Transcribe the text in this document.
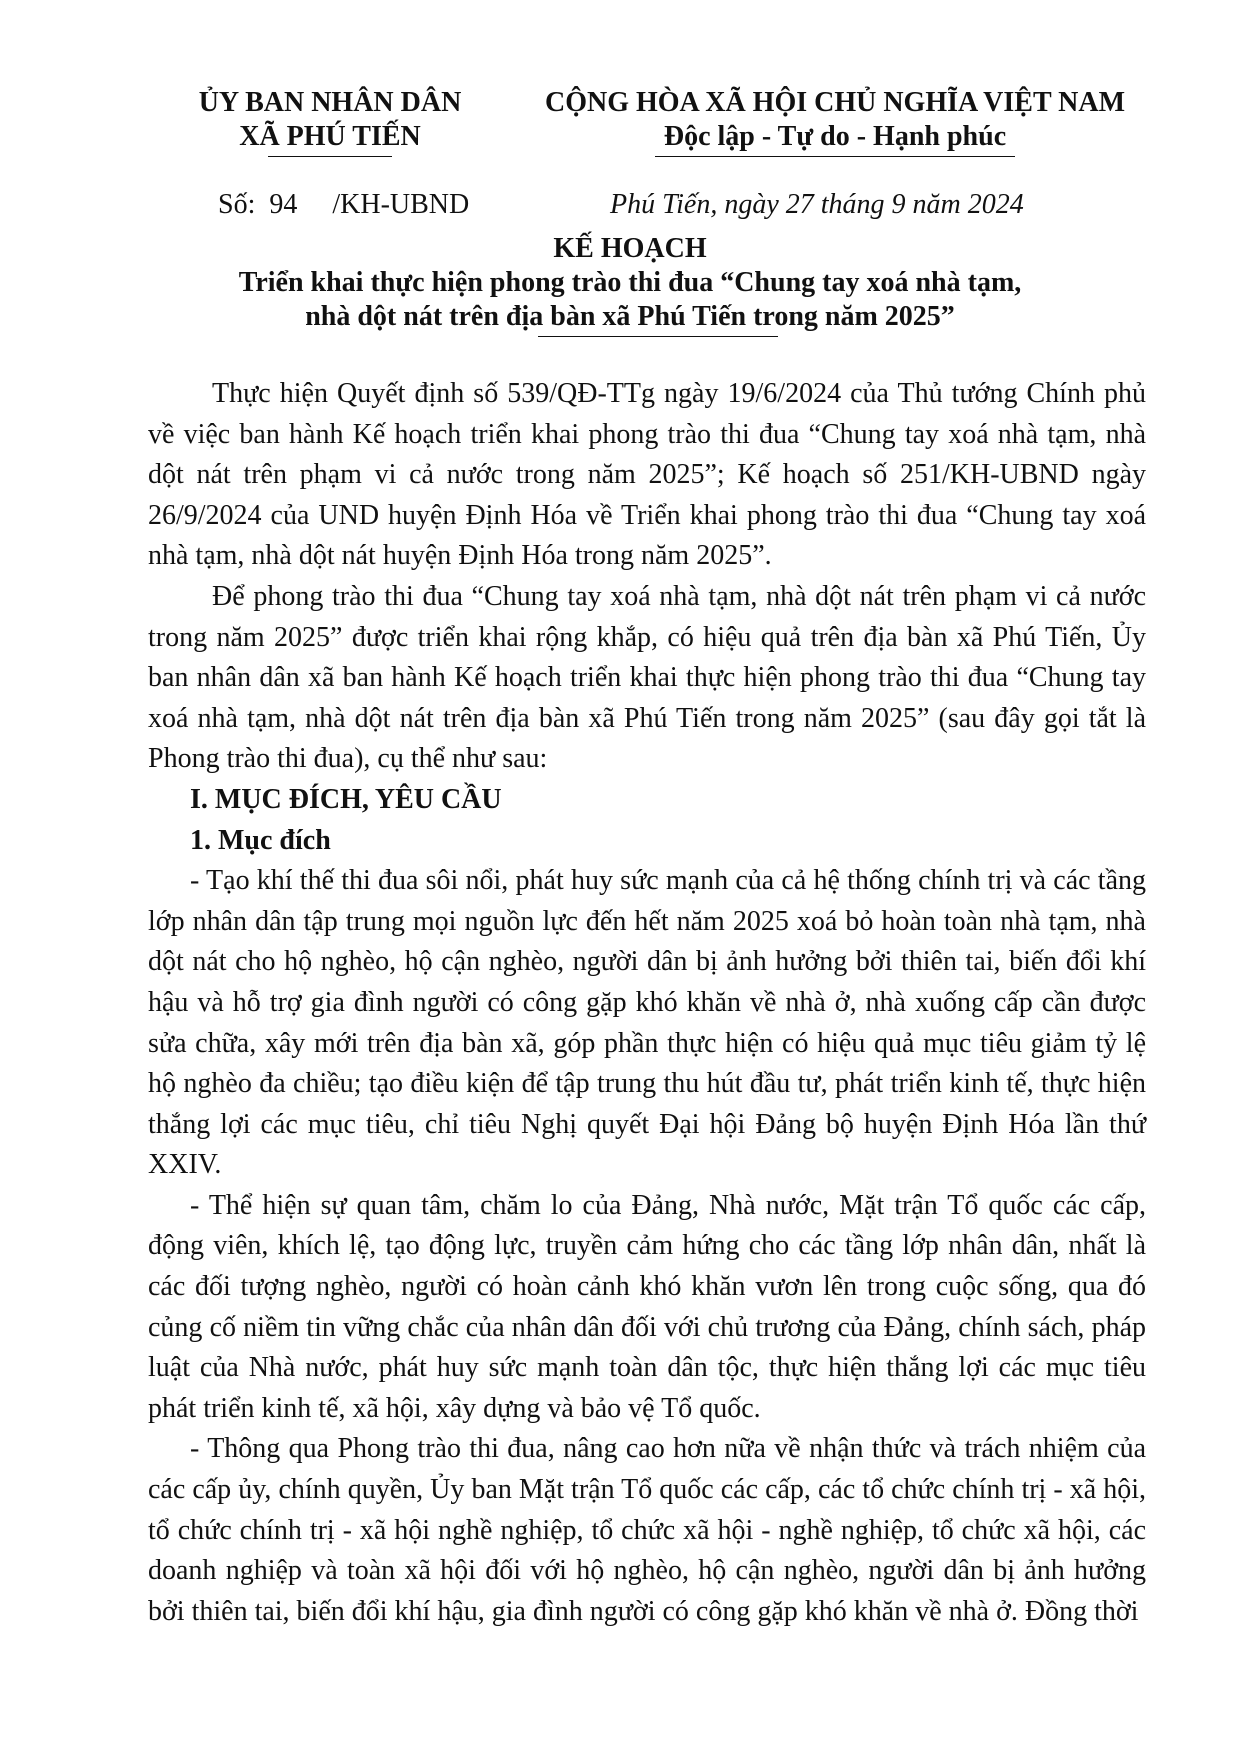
ỦY BAN NHÂN DÂN
XÃ PHÚ TIẾN
CỘNG HÒA XÃ HỘI CHỦ NGHĨA VIỆT NAM
Độc lập - Tự do - Hạnh phúc
Số:  94     /KH-UBND	Phú Tiến, ngày 27 tháng 9 năm 2024
KẾ HOẠCH
Triển khai thực hiện phong trào thi đua “Chung tay xoá nhà tạm,
nhà dột nát trên địa bàn xã Phú Tiến trong năm 2025”

Thực hiện Quyết định số 539/QĐ-TTg ngày 19/6/2024 của Thủ tướng Chính phủ về việc ban hành Kế hoạch triển khai phong trào thi đua “Chung tay xoá nhà tạm, nhà dột nát trên phạm vi cả nước trong năm 2025”; Kế hoạch số 251/KH-UBND ngày 26/9/2024 của UND huyện Định Hóa về Triển khai phong trào thi đua “Chung tay xoá nhà tạm, nhà dột nát huyện Định Hóa trong năm 2025”.

Để phong trào thi đua “Chung tay xoá nhà tạm, nhà dột nát trên phạm vi cả nước trong năm 2025” được triển khai rộng khắp, có hiệu quả trên địa bàn xã Phú Tiến, Ủy ban nhân dân xã ban hành Kế hoạch triển khai thực hiện phong trào thi đua “Chung tay xoá nhà tạm, nhà dột nát trên địa bàn xã Phú Tiến trong năm 2025” (sau đây gọi tắt là Phong trào thi đua), cụ thể như sau:

I. MỤC ĐÍCH, YÊU CẦU
1. Mục đích

- Tạo khí thế thi đua sôi nổi, phát huy sức mạnh của cả hệ thống chính trị và các tầng lớp nhân dân tập trung mọi nguồn lực đến hết năm 2025 xoá bỏ hoàn toàn nhà tạm, nhà dột nát cho hộ nghèo, hộ cận nghèo, người dân bị ảnh hưởng bởi thiên tai, biến đổi khí hậu và hỗ trợ gia đình người có công gặp khó khăn về nhà ở, nhà xuống cấp cần được sửa chữa, xây mới trên địa bàn xã, góp phần thực hiện có hiệu quả mục tiêu giảm tỷ lệ hộ nghèo đa chiều; tạo điều kiện để tập trung thu hút đầu tư, phát triển kinh tế, thực hiện thắng lợi các mục tiêu, chỉ tiêu Nghị quyết Đại hội Đảng bộ huyện Định Hóa lần thứ XXIV.

- Thể hiện sự quan tâm, chăm lo của Đảng, Nhà nước, Mặt trận Tổ quốc các cấp, động viên, khích lệ, tạo động lực, truyền cảm hứng cho các tầng lớp nhân dân, nhất là các đối tượng nghèo, người có hoàn cảnh khó khăn vươn lên trong cuộc sống, qua đó củng cố niềm tin vững chắc của nhân dân đối với chủ trương của Đảng, chính sách, pháp luật của Nhà nước, phát huy sức mạnh toàn dân tộc, thực hiện thắng lợi các mục tiêu phát triển kinh tế, xã hội, xây dựng và bảo vệ Tổ quốc.

- Thông qua Phong trào thi đua, nâng cao hơn nữa về nhận thức và trách nhiệm của các cấp ủy, chính quyền, Ủy ban Mặt trận Tổ quốc các cấp, các tổ chức chính trị - xã hội, tổ chức chính trị - xã hội nghề nghiệp, tổ chức xã hội - nghề nghiệp, tổ chức xã hội, các doanh nghiệp và toàn xã hội đối với hộ nghèo, hộ cận nghèo, người dân bị ảnh hưởng bởi thiên tai, biến đổi khí hậu, gia đình người có công gặp khó khăn về nhà ở. Đồng thời
